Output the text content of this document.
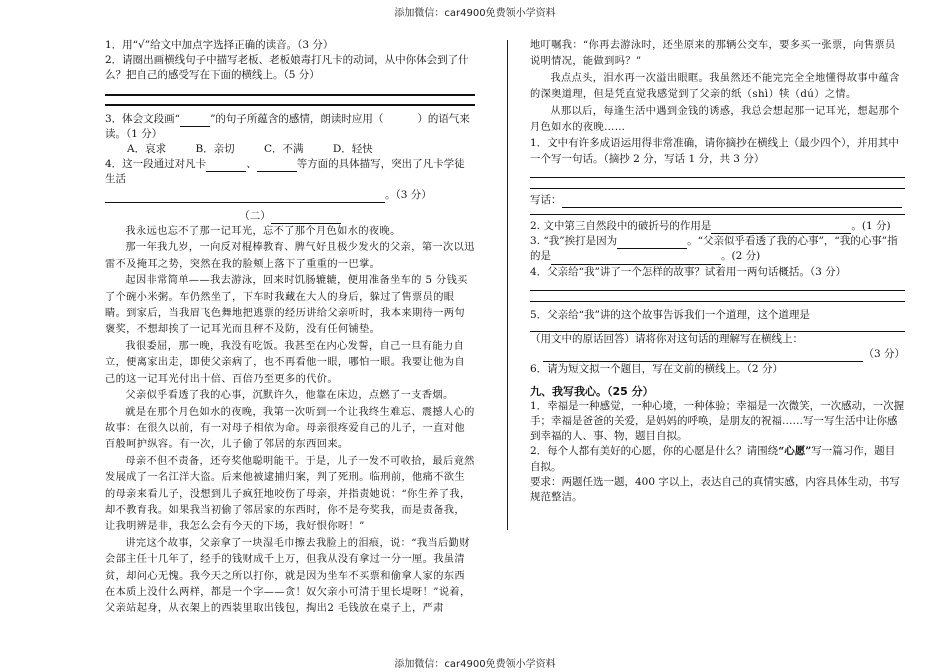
添加微信：car4900免费领小学资料

1．用“√”给文中加点字选择正确的读音。（3 分）

2．请圈出画横线句子中描写老板、老板娘毒打凡卡的动词，从中你体会到了什么？把自己的感受写在下面的横线上。（5 分）

3．体会文段画“	”的句子所蕴含的感情，朗读时应用（	）的语气来读。（1 分）

A．哀求	B．亲切	C．不满	D．轻快

4．这一段通过对凡卡	、	等方面的具体描写，突出了凡卡学徒生活
。（3 分）

（二）

我永远也忘不了那一记耳光，忘不了那个月色如水的夜晚。

那一年我九岁，一向反对棍棒教育、脾气好且极少发火的父亲，第一次以迅雷不及掩耳之势，突然在我的脸颊上落下了重重的一巴掌。

起因非常简单——我去游泳，回来时饥肠辘辘，便用准备坐车的 5 分钱买了个碗小米粥。车仍然坐了，下车时我藏在大人的身后，躲过了售票员的眼睛。到家后，当我眉飞色舞地把逃票的经历讲给父亲听时，我本来期待一两句褒奖，不想却挨了一记耳光而且秤不及防，没有任何铺垫。

我很委屈，那一晚，我没有吃饭。我甚至在内心发誓，自己一旦有能力自立，便离家出走，即使父亲病了，也不再看他一眼，哪怕一眼。我要让他为自己的这一记耳光付出十倍、百倍乃至更多的代价。

父亲似乎看透了我的心事，沉默许久，他靠在床边，点燃了一支香烟。

就是在那个月色如水的夜晚，我第一次听到一个让我终生难忘、震撼人心的故事：在很久以前，有一对母子相依为命。母亲很疼爱自己的儿子，一直对他百般呵护纵容。有一次，儿子偷了邻居的东西回来。

母亲不但不责备，还夸奖他聪明能干。于是，儿子一发不可收拾，最后竟然发展成了一名江洋大盗。后来他被逮捕归案，判了死刑。临刑前，他痛不欲生的母亲来看儿子，没想到儿子疯狂地咬伤了母亲，并指责她说：“你生养了我，却不教育我。如果我当初偷了邻居家的东西时，你不是夸奖我，而是责备我，让我明辨是非，我怎么会有今天的下场，我好恨你呀！”

讲完这个故事，父亲拿了一块湿毛巾擦去我脸上的泪痕，说：“我当后勤财会部主任十几年了，经手的钱财成千上万，但我从没有拿过一分一厘。我虽清贫，却问心无愧。我今天之所以打你，就是因为坐车不买票和偷拿人家的东西在本质上没什么两样，都是一个字——贪！奴欠亲小可清于里长堤呀！”说着，父亲站起身，从衣架上的西装里取出钱包，掏出2 毛钱放在桌子上，严肃

地叮嘱我：“你再去游泳时，还坐原来的那辆公交车，要多买一张票，向售票员说明情况，能做到吗？”

我点点头，泪水再一次溢出眼眶。我虽然还不能完完全全地懂得故事中蕴含的深奥道理，但是凭直觉我感觉到了父亲的纸（shì）犊（dú）之情。

从那以后，每逢生活中遇到金钱的诱惑，我总会想起那一记耳光，想起那个月色如水的夜晚……

1．文中有许多成语运用得非常准确，请你摘抄在横线上（最少四个），并用其中一个写一句话。（摘抄 2 分，写话 1 分，共 3 分）

写话：

2. 文中第三自然段中的破折号的作用是	。(1 分)

3. “我”挨打是因为	。“父亲似乎看透了我的心事”，“我的心事”指的是	。(2 分)

4．父亲给“我”讲了一个怎样的故事？试着用一两句话概括。（3 分）

5．父亲给“我”讲的这个故事告诉我们一个道理，这个道理是

（用文中的原话回答）请将你对这句话的理解写在横线上：

（3 分）

6．请为短文拟一个题目，写在文前的横线上。（2 分）

九、我写我心。（25 分）

1．幸福是一种感觉，一种心境，一种体验；幸福是一次微笑，一次感动，一次握手；幸福是爸爸的关爱，是妈妈的呼唤，是朋友的祝福……写一写生活中让你感到幸福的人、事、物，题目自拟。

2．每个人都有美好的心愿，你的心愿是什么？请围绕“心愿”写一篇习作，题目自拟。

要求：两题任选一题，400 字以上，表达自己的真情实感，内容具体生动，书写规范整洁。

添加微信：car4900免费领小学资料
